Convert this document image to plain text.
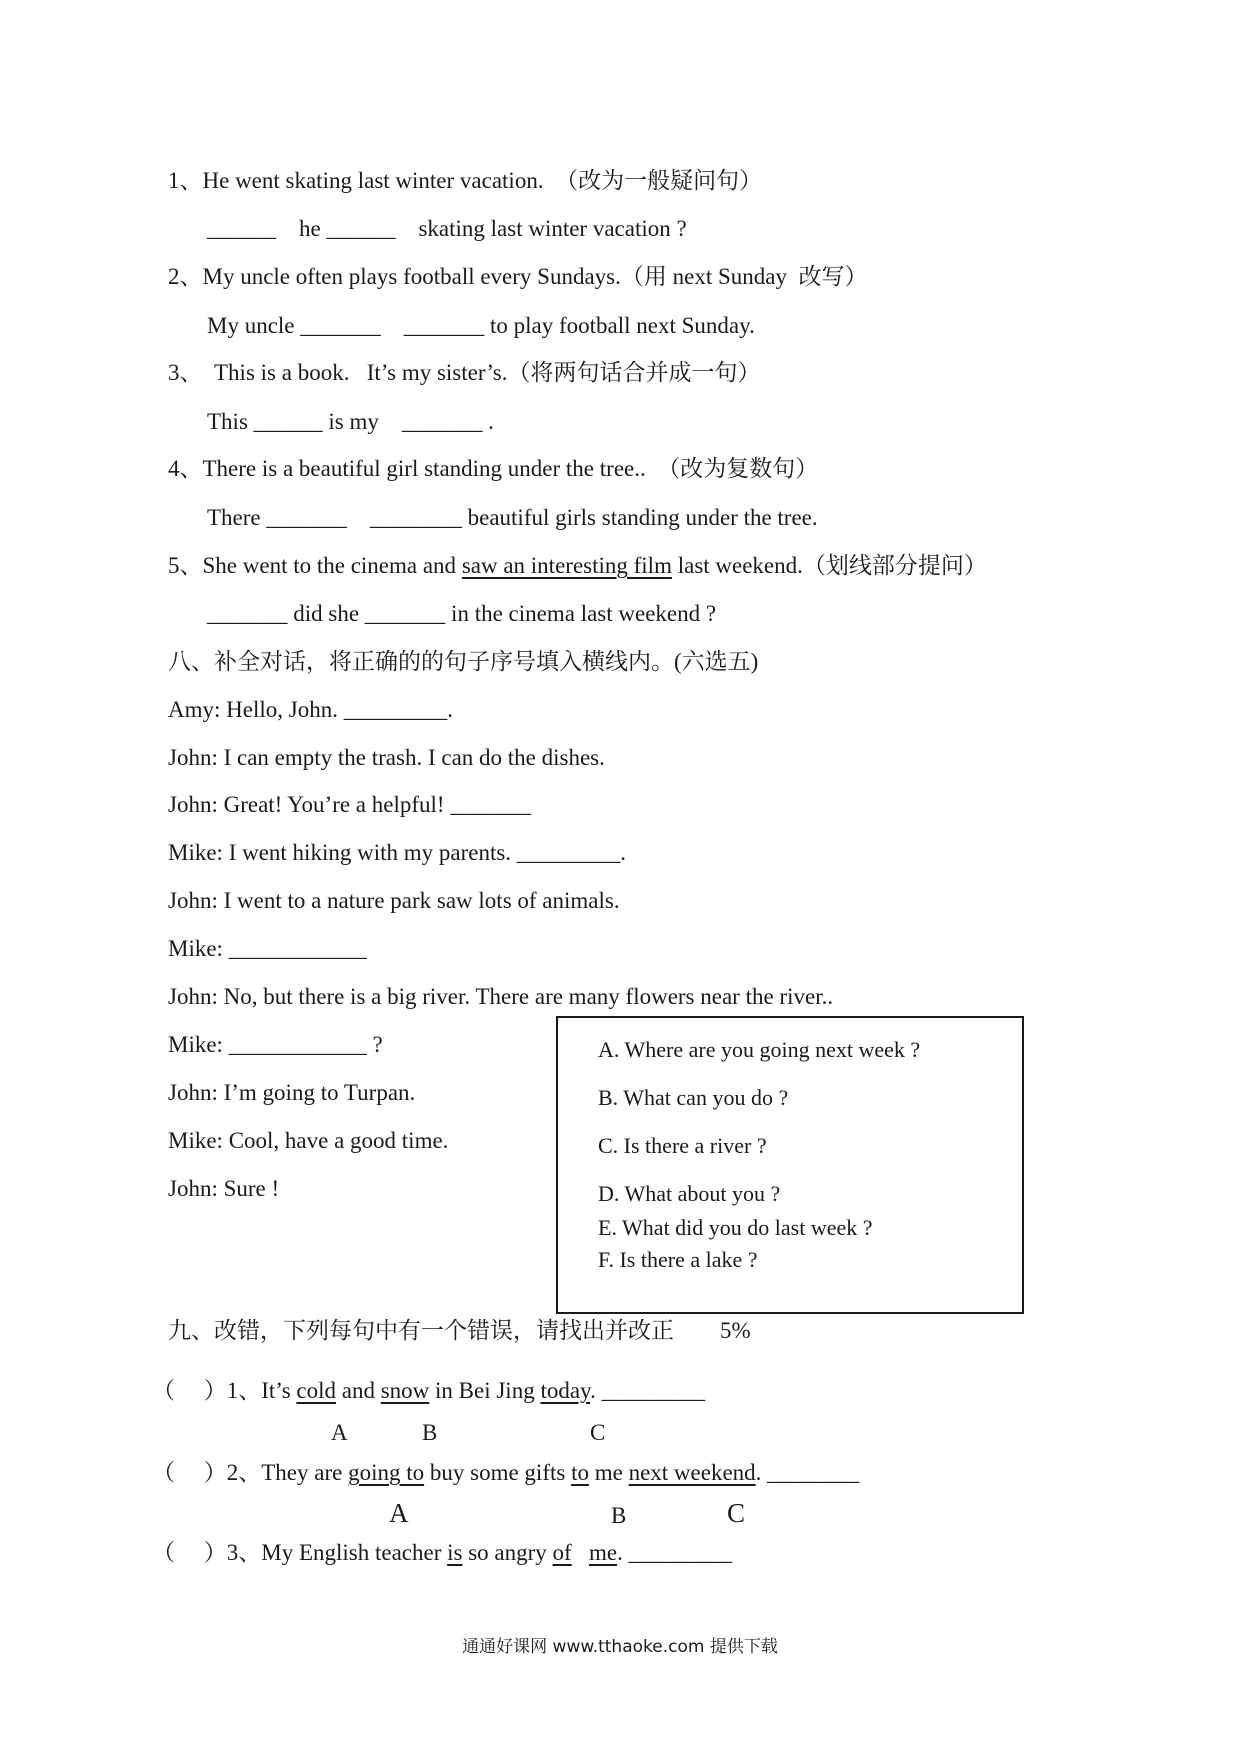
1、He went skating last winter vacation.  （改为一般疑问句）
______    he ______    skating last winter vacation ?
2、My uncle often plays football every Sundays.（用 next Sunday  改写）
My uncle _______    _______ to play football next Sunday.
3、  This is a book.   It’s my sister’s.（将两句话合并成一句）
This ______ is my    _______ .
4、There is a beautiful girl standing under the tree..  （改为复数句）
There _______    ________ beautiful girls standing under the tree.
5、She went to the cinema and saw an interesting film last weekend.（划线部分提问）
_______ did she _______ in the cinema last weekend ?
八、补全对话，将正确的的句子序号填入横线内。(六选五)
Amy: Hello, John. _________.
John: I can empty the trash. I can do the dishes.
John: Great! You’re a helpful! _______
Mike: I went hiking with my parents. _________.
John: I went to a nature park saw lots of animals.
Mike: ____________
John: No, but there is a big river. There are many flowers near the river..
Mike: ____________ ?
John: I’m going to Turpan.
Mike: Cool, have a good time.
John: Sure !
A. Where are you going next week ?
B. What can you do ?
C. Is there a river ?
D. What about you ?
E. What did you do last week ?
F. Is there a lake ?
九、改错，下列每句中有一个错误，请找出并改正        5%
（     ）1、It’s cold and snow in Bei Jing today. _________
A	B	C
（     ）2、They are going to buy some gifts to me next weekend. ________
A	B	C
（     ）3、My English teacher is so angry of me. _________
通通好课网 www.tthaoke.com 提供下载
